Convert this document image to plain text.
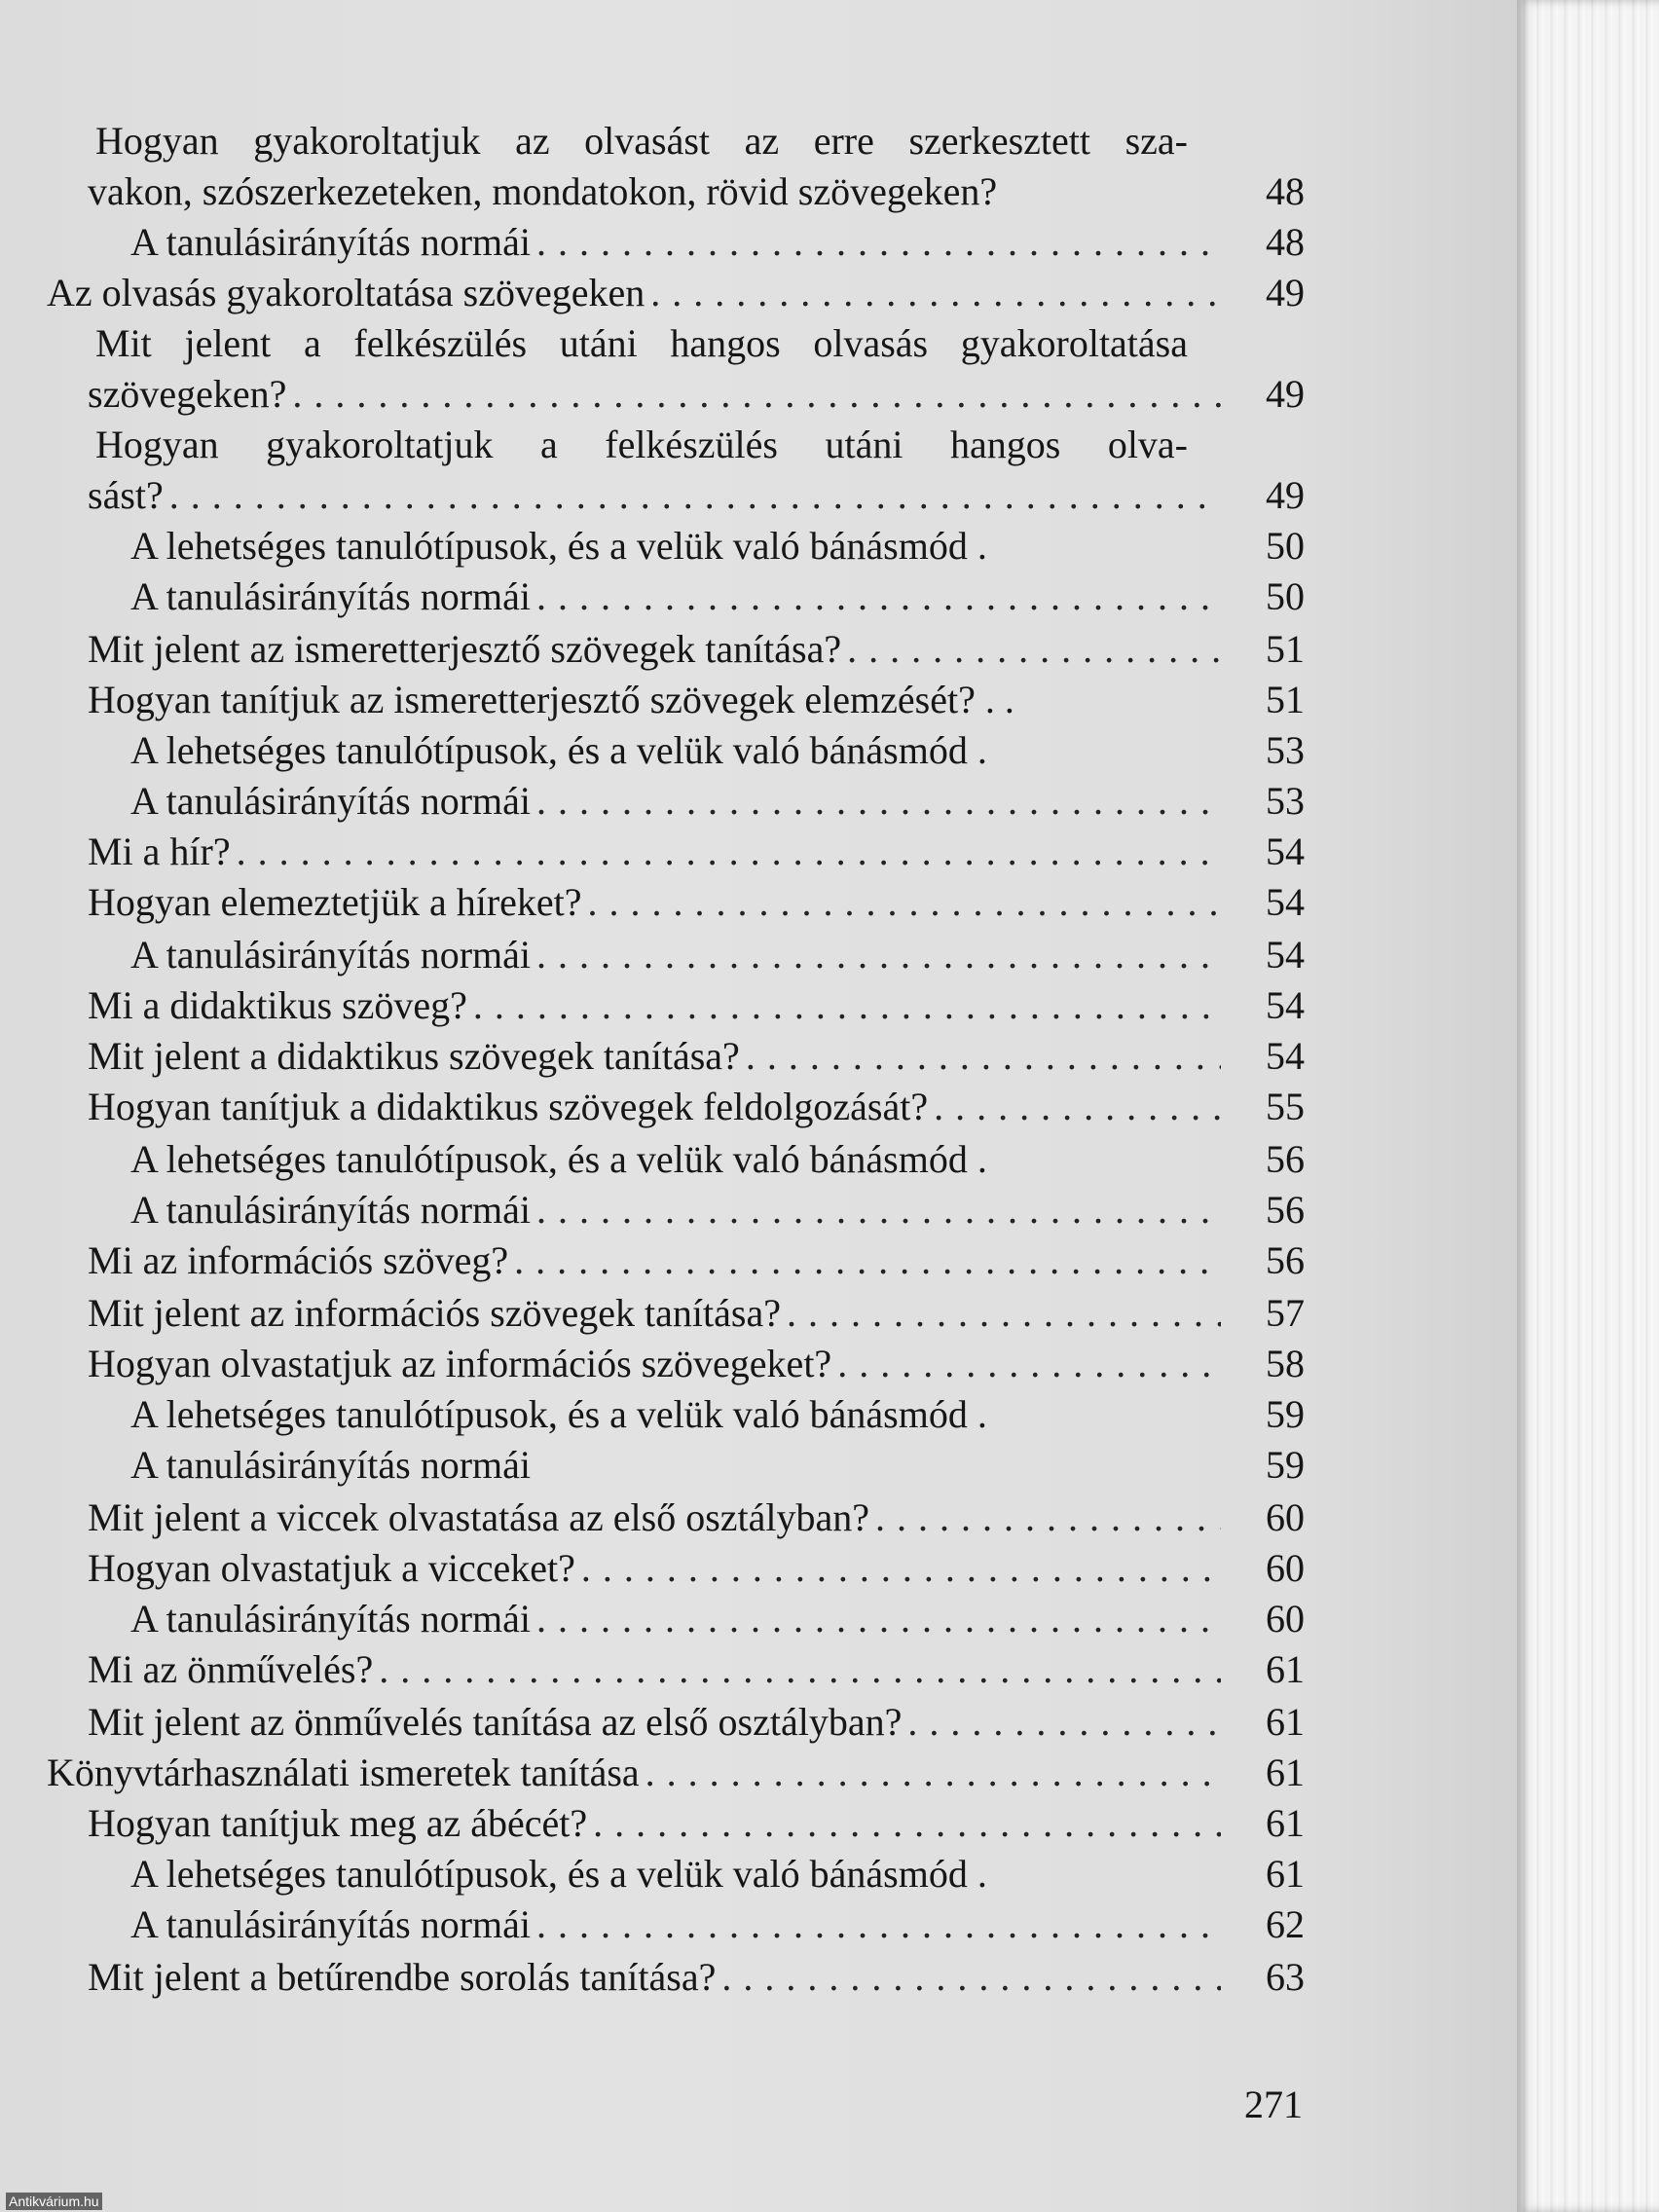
Hogyan gyakoroltatjuk az olvasást az erre szerkesztett sza-
vakon, szószerkezeteken, mondatokon, rövid szövegeken?	48
A tanulásirányítás normái . . .	48
Az olvasás gyakoroltatása szövegeken . . .	49
Mit jelent a felkészülés utáni hangos olvasás gyakoroltatása
szövegeken? . . .	49
Hogyan gyakoroltatjuk a felkészülés utáni hangos olva-
sást? . . .	49
A lehetséges tanulótípusok, és a velük való bánásmód .	50
A tanulásirányítás normái . . .	50
Mit jelent az ismeretterjesztő szövegek tanítása? . . .	51
Hogyan tanítjuk az ismeretterjesztő szövegek elemzését? . .	51
A lehetséges tanulótípusok, és a velük való bánásmód .	53
A tanulásirányítás normái . . .	53
Mi a hír? . . .	54
Hogyan elemeztetjük a híreket? . . .	54
A tanulásirányítás normái . . .	54
Mi a didaktikus szöveg? . . .	54
Mit jelent a didaktikus szövegek tanítása? . . .	54
Hogyan tanítjuk a didaktikus szövegek feldolgozását? . . .	55
A lehetséges tanulótípusok, és a velük való bánásmód .	56
A tanulásirányítás normái . . .	56
Mi az információs szöveg? . . .	56
Mit jelent az információs szövegek tanítása? . . .	57
Hogyan olvastatjuk az információs szövegeket? . . .	58
A lehetséges tanulótípusok, és a velük való bánásmód .	59
A tanulásirányítás normái	59
Mit jelent a viccek olvastatása az első osztályban? . . .	60
Hogyan olvastatjuk a vicceket? . . .	60
A tanulásirányítás normái . . .	60
Mi az önművelés? . . .	61
Mit jelent az önművelés tanítása az első osztályban? . . .	61
Könyvtárhasználati ismeretek tanítása . . .	61
Hogyan tanítjuk meg az ábécét? . . .	61
A lehetséges tanulótípusok, és a velük való bánásmód .	61
A tanulásirányítás normái . . .	62
Mit jelent a betűrendbe sorolás tanítása? . . .	63
271
Antikvárium.hu
